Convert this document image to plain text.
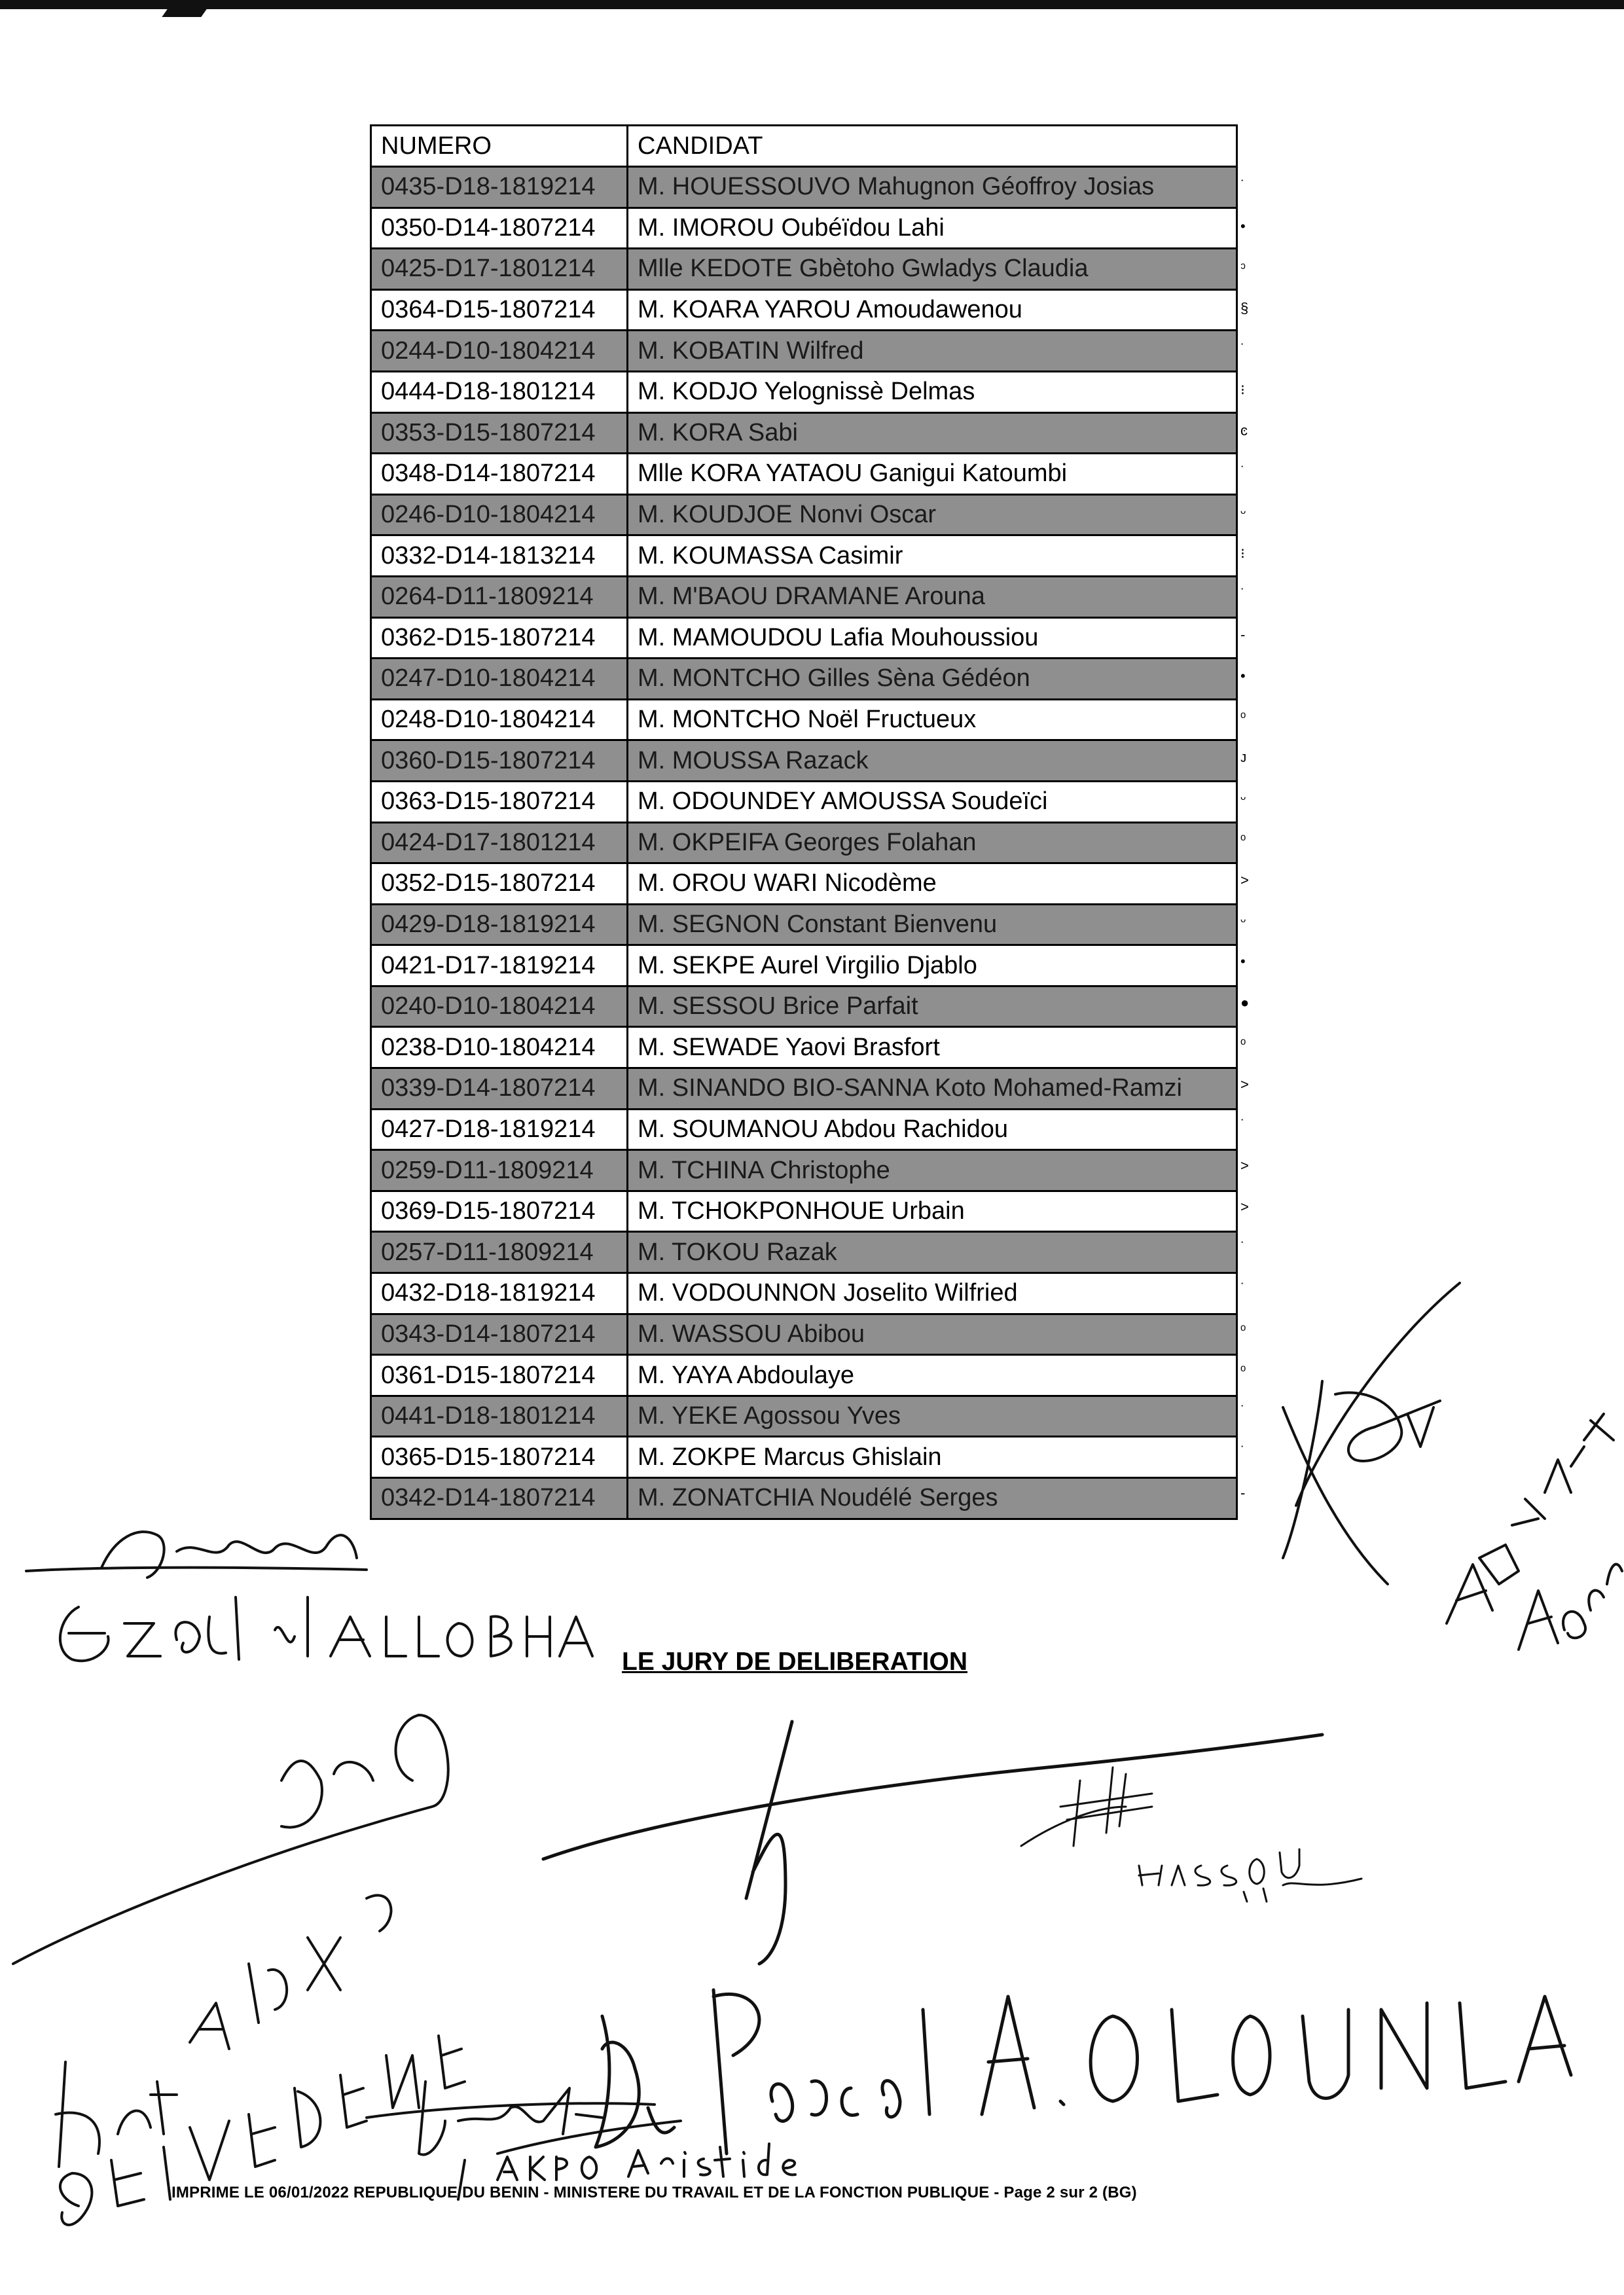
NUMERO	CANDIDAT
0435-D18-1819214	M. HOUESSOUVO Mahugnon Géoffroy Josias
0350-D14-1807214	M. IMOROU Oubéïdou Lahi
0425-D17-1801214	Mlle KEDOTE Gbètoho Gwladys Claudia
0364-D15-1807214	M. KOARA YAROU Amoudawenou
0244-D10-1804214	M. KOBATIN Wilfred
0444-D18-1801214	M. KODJO Yelognissè Delmas
0353-D15-1807214	M. KORA Sabi
0348-D14-1807214	Mlle KORA YATAOU Ganigui Katoumbi
0246-D10-1804214	M. KOUDJOE Nonvi Oscar
0332-D14-1813214	M. KOUMASSA Casimir
0264-D11-1809214	M. M'BAOU DRAMANE Arouna
0362-D15-1807214	M. MAMOUDOU Lafia Mouhoussiou
0247-D10-1804214	M. MONTCHO Gilles Sèna Gédéon
0248-D10-1804214	M. MONTCHO Noël Fructueux
0360-D15-1807214	M. MOUSSA Razack
0363-D15-1807214	M. ODOUNDEY AMOUSSA Soudeïci
0424-D17-1801214	M. OKPEIFA Georges Folahan
0352-D15-1807214	M. OROU WARI Nicodème
0429-D18-1819214	M. SEGNON Constant Bienvenu
0421-D17-1819214	M. SEKPE Aurel Virgilio Djablo
0240-D10-1804214	M. SESSOU Brice Parfait
0238-D10-1804214	M. SEWADE Yaovi Brasfort
0339-D14-1807214	M. SINANDO BIO-SANNA Koto Mohamed-Ramzi
0427-D18-1819214	M. SOUMANOU Abdou Rachidou
0259-D11-1809214	M. TCHINA Christophe
0369-D15-1807214	M. TCHOKPONHOUE Urbain
0257-D11-1809214	M. TOKOU Razak
0432-D18-1819214	M. VODOUNNON Joselito Wilfried
0343-D14-1807214	M. WASSOU Abibou
0361-D15-1807214	M. YAYA Abdoulaye
0441-D18-1801214	M. YEKE Agossou Yves
0365-D15-1807214	M. ZOKPE Marcus Ghislain
0342-D14-1807214	M. ZONATCHIA Noudélé Serges
˙
•
ᵓ
§
˙
⁝
ͼ
˙
ᵕ
⁝
˙
-
•
ᵒ
ᴊ
ᵕ
ᵒ
˃
ᵕ
•
●
ᵒ
˃
˙
˃
˃
˙
˙
ᵒ
ᵒ
˙
˙
-
LE JURY DE DELIBERATION
IMPRIME LE 06/01/2022 REPUBLIQUE DU BENIN - MINISTERE DU TRAVAIL ET DE LA FONCTION PUBLIQUE - Page 2 sur 2 (BG)
